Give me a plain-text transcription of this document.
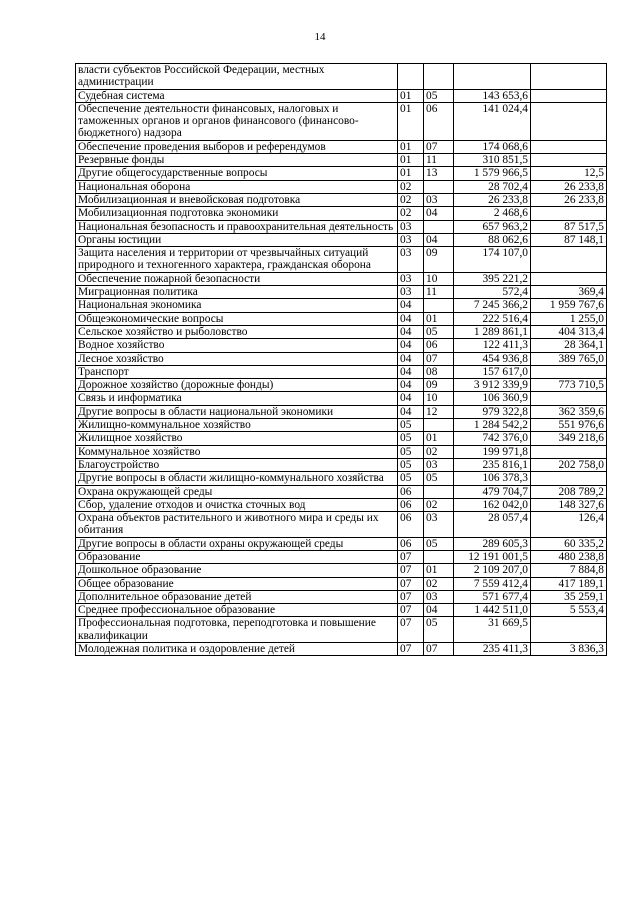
14
власти субъектов Российской Федерации, местных администрации				
Судебная система	01	05	143 653,6	
Обеспечение деятельности финансовых, налоговых и таможенных органов и органов финансового (финансово-бюджетного) надзора	01	06	141 024,4	
Обеспечение проведения выборов и референдумов	01	07	174 068,6	
Резервные фонды	01	11	310 851,5	
Другие общегосударственные вопросы	01	13	1 579 966,5	12,5
Национальная оборона	02		28 702,4	26 233,8
Мобилизационная и вневойсковая подготовка	02	03	26 233,8	26 233,8
Мобилизационная подготовка экономики	02	04	2 468,6	
Национальная безопасность и правоохранительная деятельность	03		657 963,2	87 517,5
Органы юстиции	03	04	88 062,6	87 148,1
Защита населения и территории от чрезвычайных ситуаций природного и техногенного характера, гражданская оборона	03	09	174 107,0	
Обеспечение пожарной безопасности	03	10	395 221,2	
Миграционная политика	03	11	572,4	369,4
Национальная экономика	04		7 245 366,2	1 959 767,6
Общеэкономические вопросы	04	01	222 516,4	1 255,0
Сельское хозяйство и рыболовство	04	05	1 289 861,1	404 313,4
Водное хозяйство	04	06	122 411,3	28 364,1
Лесное хозяйство	04	07	454 936,8	389 765,0
Транспорт	04	08	157 617,0	
Дорожное хозяйство (дорожные фонды)	04	09	3 912 339,9	773 710,5
Связь и информатика	04	10	106 360,9	
Другие вопросы в области национальной экономики	04	12	979 322,8	362 359,6
Жилищно-коммунальное хозяйство	05		1 284 542,2	551 976,6
Жилищное хозяйство	05	01	742 376,0	349 218,6
Коммунальное хозяйство	05	02	199 971,8	
Благоустройство	05	03	235 816,1	202 758,0
Другие вопросы в области жилищно-коммунального хозяйства	05	05	106 378,3	
Охрана окружающей среды	06		479 704,7	208 789,2
Сбор, удаление отходов и очистка сточных вод	06	02	162 042,0	148 327,6
Охрана объектов растительного и животного мира и среды их обитания	06	03	28 057,4	126,4
Другие вопросы в области охраны окружающей среды	06	05	289 605,3	60 335,2
Образование	07		12 191 001,5	480 238,8
Дошкольное образование	07	01	2 109 207,0	7 884,8
Общее образование	07	02	7 559 412,4	417 189,1
Дополнительное образование детей	07	03	571 677,4	35 259,1
Среднее профессиональное образование	07	04	1 442 511,0	5 553,4
Профессиональная подготовка, переподготовка и повышение квалификации	07	05	31 669,5	
Молодежная политика и оздоровление детей	07	07	235 411,3	3 836,3
